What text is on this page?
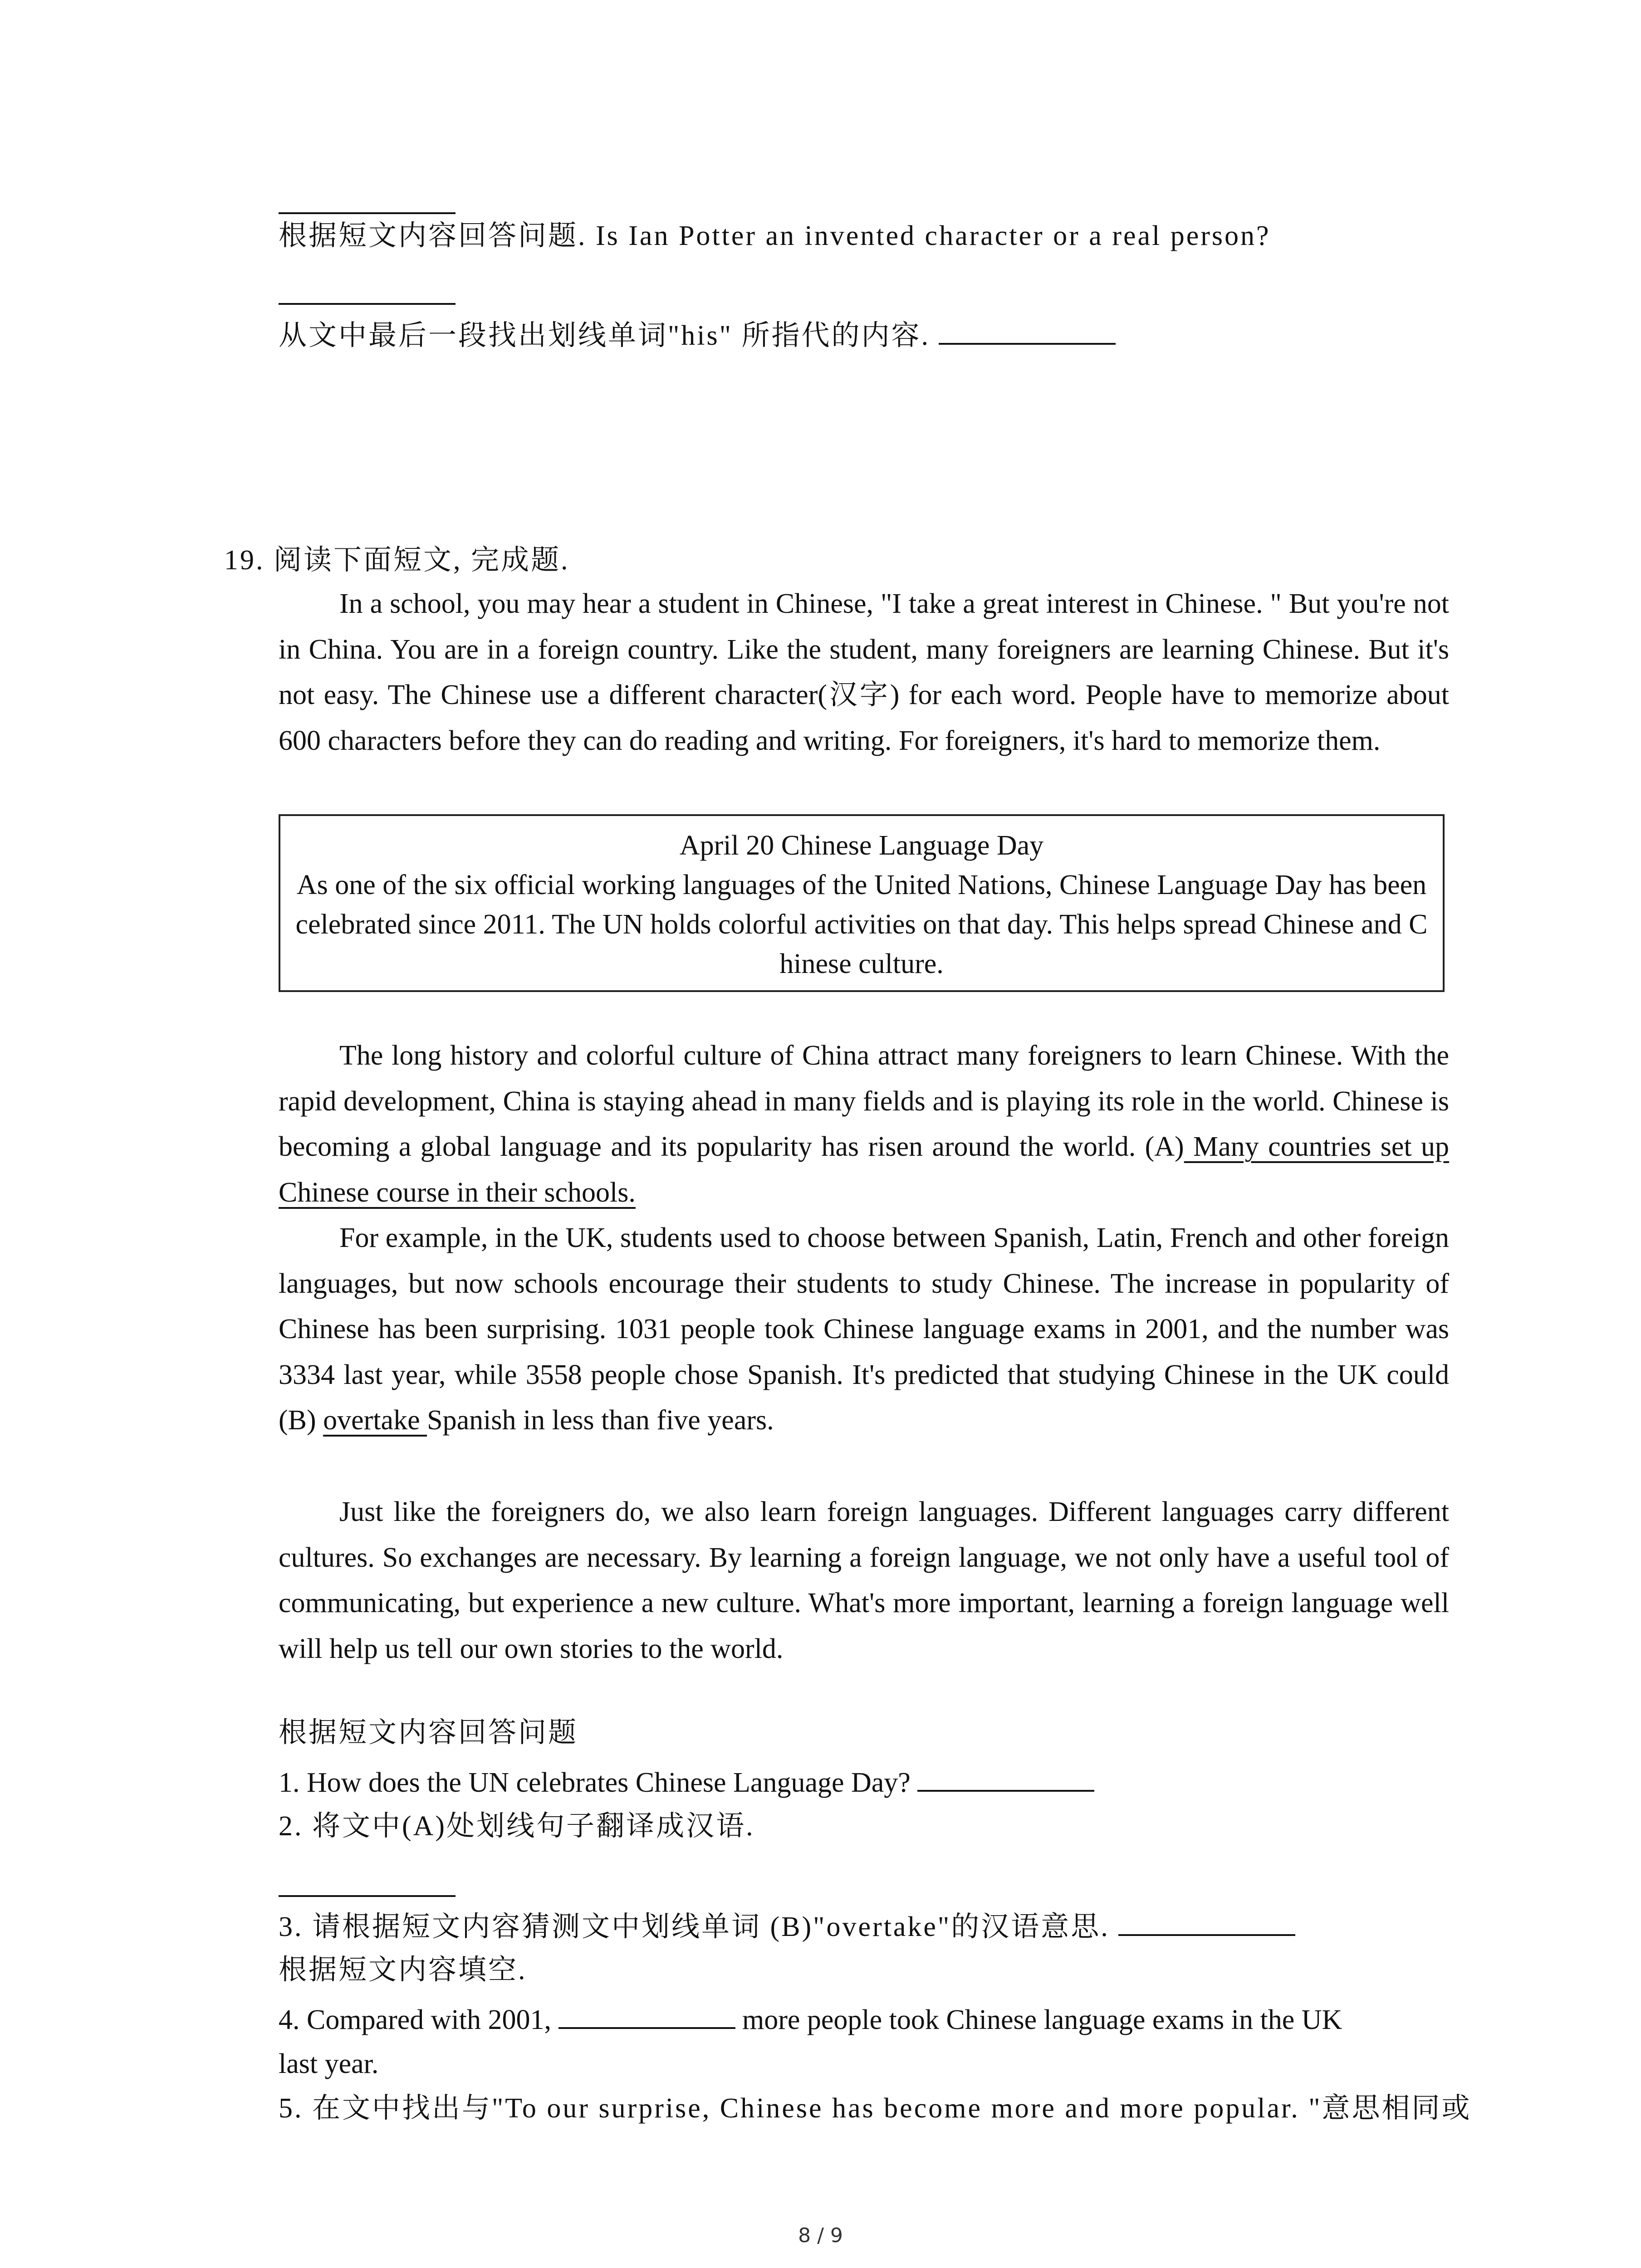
根据短文内容回答问题. Is Ian Potter an invented character or a real person?
从文中最后一段找出划线单词"his" 所指代的内容.
19. 阅读下面短文, 完成题.

In a school, you may hear a student in Chinese, "I take a great interest in Chinese. " But you're not in China. You are in a foreign country. Like the student, many foreigners are learning Chinese. But it's not easy. The Chinese use a different character(汉字) for each word. People have to memorize about 600 characters before they can do reading and writing. For foreigners, it's hard to memorize them.

April 20 Chinese Language Day
As one of the six official working languages of the United Nations, Chinese Language Day has been celebrated since 2011. The UN holds colorful activities on that day. This helps spread Chinese and Chinese culture.

The long history and colorful culture of China attract many foreigners to learn Chinese. With the rapid development, China is staying ahead in many fields and is playing its role in the world. Chinese is becoming a global language and its popularity has risen around the world. (A) Many countries set up Chinese course in their schools.

For example, in the UK, students used to choose between Spanish, Latin, French and other foreign languages, but now schools encourage their students to study Chinese. The increase in popularity of Chinese has been surprising. 1031 people took Chinese language exams in 2001, and the number was 3334 last year, while 3558 people chose Spanish. It's predicted that studying Chinese in the UK could (B) overtake Spanish in less than five years.

Just like the foreigners do, we also learn foreign languages. Different languages carry different cultures. So exchanges are necessary. By learning a foreign language, we not only have a useful tool of communicating, but experience a new culture. What's more important, learning a foreign language well will help us tell our own stories to the world.

根据短文内容回答问题
1. How does the UN celebrates Chinese Language Day?
2. 将文中(A)处划线句子翻译成汉语.
3. 请根据短文内容猜测文中划线单词 (B)"overtake"的汉语意思.
根据短文内容填空.
4. Compared with 2001,	more people took Chinese language exams in the UK
last year.
5. 在文中找出与"To our surprise, Chinese has become more and more popular. "意思相同或
8 / 9
